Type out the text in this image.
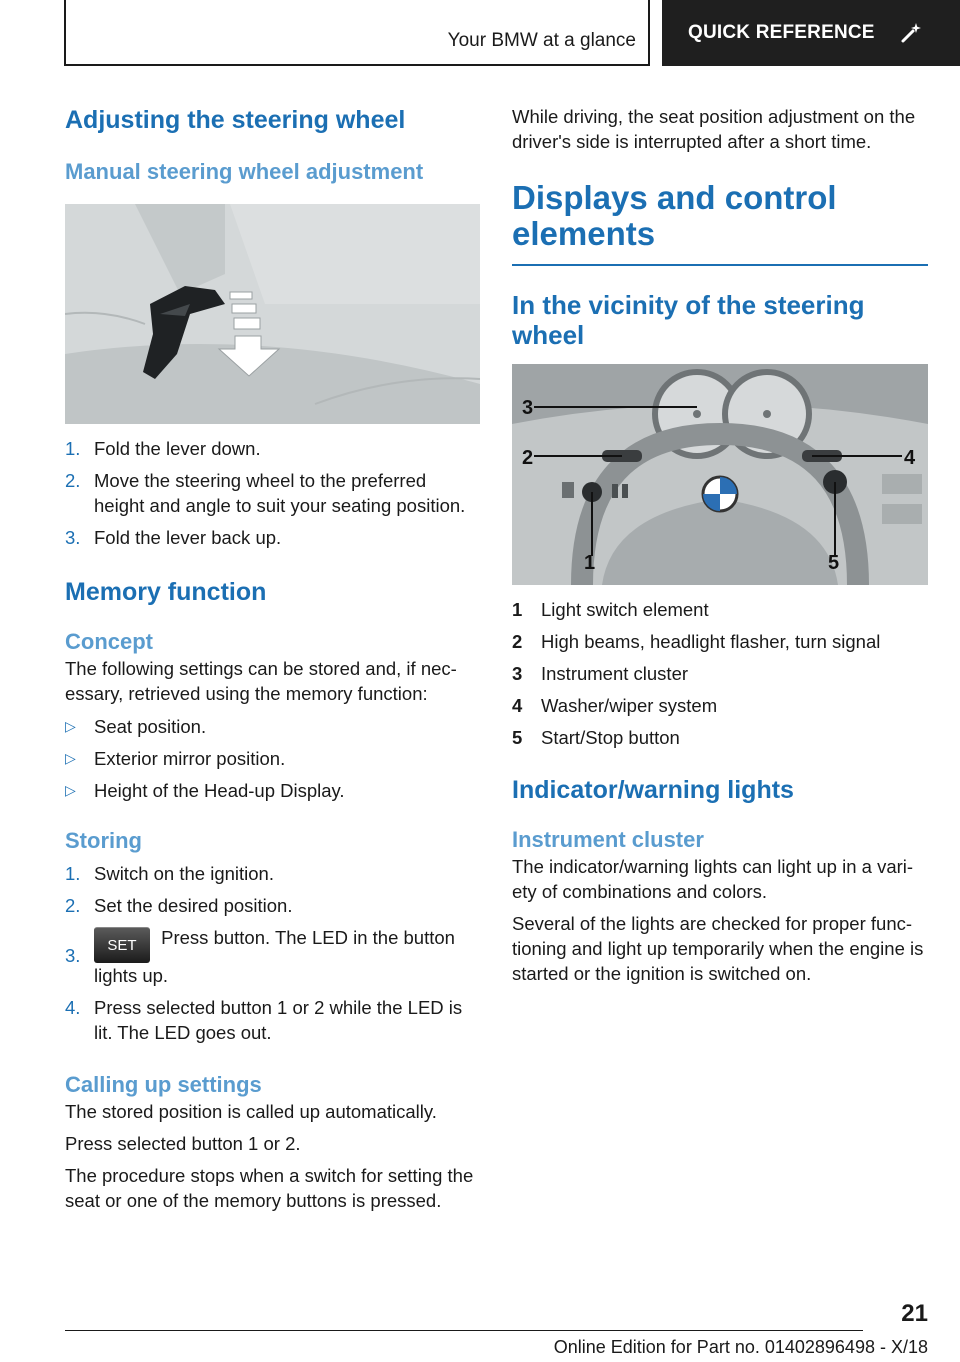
Your BMW at a glance	QUICK REFERENCE
Adjusting the steering wheel
Manual steering wheel adjustment
1. Fold the lever down.
2. Move the steering wheel to the preferred height and angle to suit your seating position.
3. Fold the lever back up.
Memory function
Concept

The following settings can be stored and, if nec-essary, retrieved using the memory function:

▷ Seat position.
▷ Exterior mirror position.
▷ Height of the Head-up Display.
Storing
1. Switch on the ignition.
2. Set the desired position.
3. SET Press button. The LED in the button lights up.
4. Press selected button 1 or 2 while the LED is lit. The LED goes out.
Calling up settings

The stored position is called up automatically.

Press selected button 1 or 2.

The procedure stops when a switch for setting the seat or one of the memory buttons is pressed.

While driving, the seat position adjustment on the driver's side is interrupted after a short time.

Displays and control elements
In the vicinity of the steering wheel
1
2
3
4
5
1 Light switch element
2 High beams, headlight flasher, turn signal
3 Instrument cluster
4 Washer/wiper system
5 Start/Stop button
Indicator/warning lights
Instrument cluster

The indicator/warning lights can light up in a vari-ety of combinations and colors.

Several of the lights are checked for proper func-tioning and light up temporarily when the engine is started or the ignition is switched on.

21
Online Edition for Part no. 01402896498 - X/18
